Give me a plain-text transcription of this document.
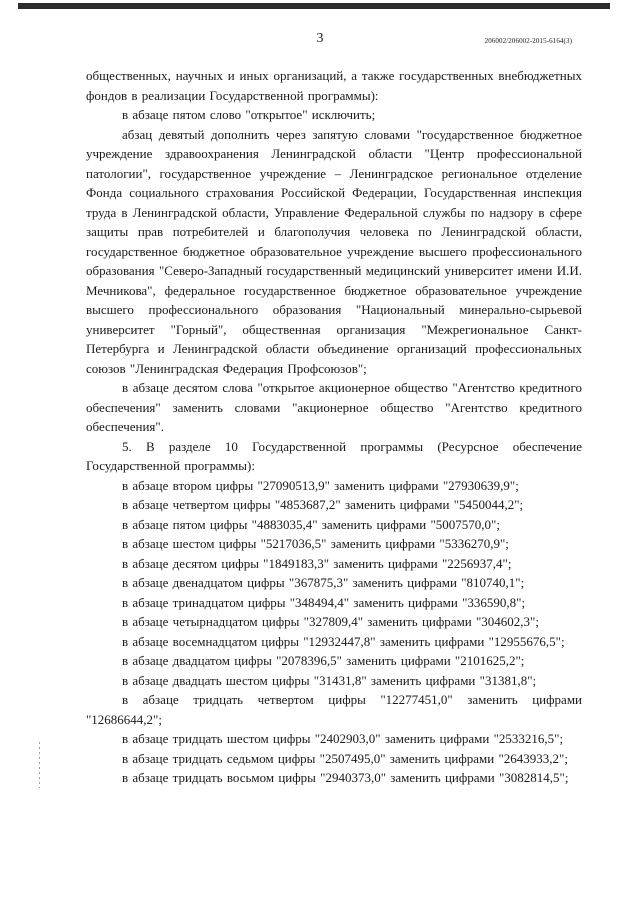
3	206002/206002-2015-6164(3)

общественных, научных и иных организаций, а также государственных внебюджетных фондов в реализации Государственной программы):

в абзаце пятом слово "открытое" исключить;

абзац девятый дополнить через запятую словами "государственное бюджетное учреждение здравоохранения Ленинградской области "Центр профессиональной патологии", государственное учреждение – Ленинградское региональное отделение Фонда социального страхования Российской Федерации, Государственная инспекция труда в Ленинградской области, Управление Федеральной службы по надзору в сфере защиты прав потребителей и благополучия человека по Ленинградской области, государственное бюджетное образовательное учреждение высшего профессионального образования "Северо-Западный государственный медицинский университет имени И.И. Мечникова", федеральное государственное бюджетное образовательное учреждение высшего профессионального образования "Национальный минерально-сырьевой университет "Горный", общественная организация "Межрегиональное Санкт-Петербурга и Ленинградской области объединение организаций профессиональных союзов "Ленинградская Федерация Профсоюзов";

в абзаце десятом слова "открытое акционерное общество "Агентство кредитного обеспечения" заменить словами "акционерное общество "Агентство кредитного обеспечения".

5. В разделе 10 Государственной программы (Ресурсное обеспечение Государственной программы):

в абзаце втором цифры "27090513,9" заменить цифрами "27930639,9";

в абзаце четвертом цифры "4853687,2" заменить цифрами "5450044,2";

в абзаце пятом цифры "4883035,4" заменить цифрами "5007570,0";

в абзаце шестом цифры "5217036,5" заменить цифрами "5336270,9";

в абзаце десятом цифры "1849183,3" заменить цифрами "2256937,4";

в абзаце двенадцатом цифры "367875,3" заменить цифрами "810740,1";

в абзаце тринадцатом цифры "348494,4" заменить цифрами "336590,8";

в абзаце четырнадцатом цифры "327809,4" заменить цифрами "304602,3";

в абзаце восемнадцатом цифры "12932447,8" заменить цифрами "12955676,5";

в абзаце двадцатом цифры "2078396,5" заменить цифрами "2101625,2";

в абзаце двадцать шестом цифры "31431,8" заменить цифрами "31381,8";

в абзаце тридцать четвертом цифры "12277451,0" заменить цифрами "12686644,2";

в абзаце тридцать шестом цифры "2402903,0" заменить цифрами "2533216,5";

в абзаце тридцать седьмом цифры "2507495,0" заменить цифрами "2643933,2";

в абзаце тридцать восьмом цифры "2940373,0" заменить цифрами "3082814,5";
